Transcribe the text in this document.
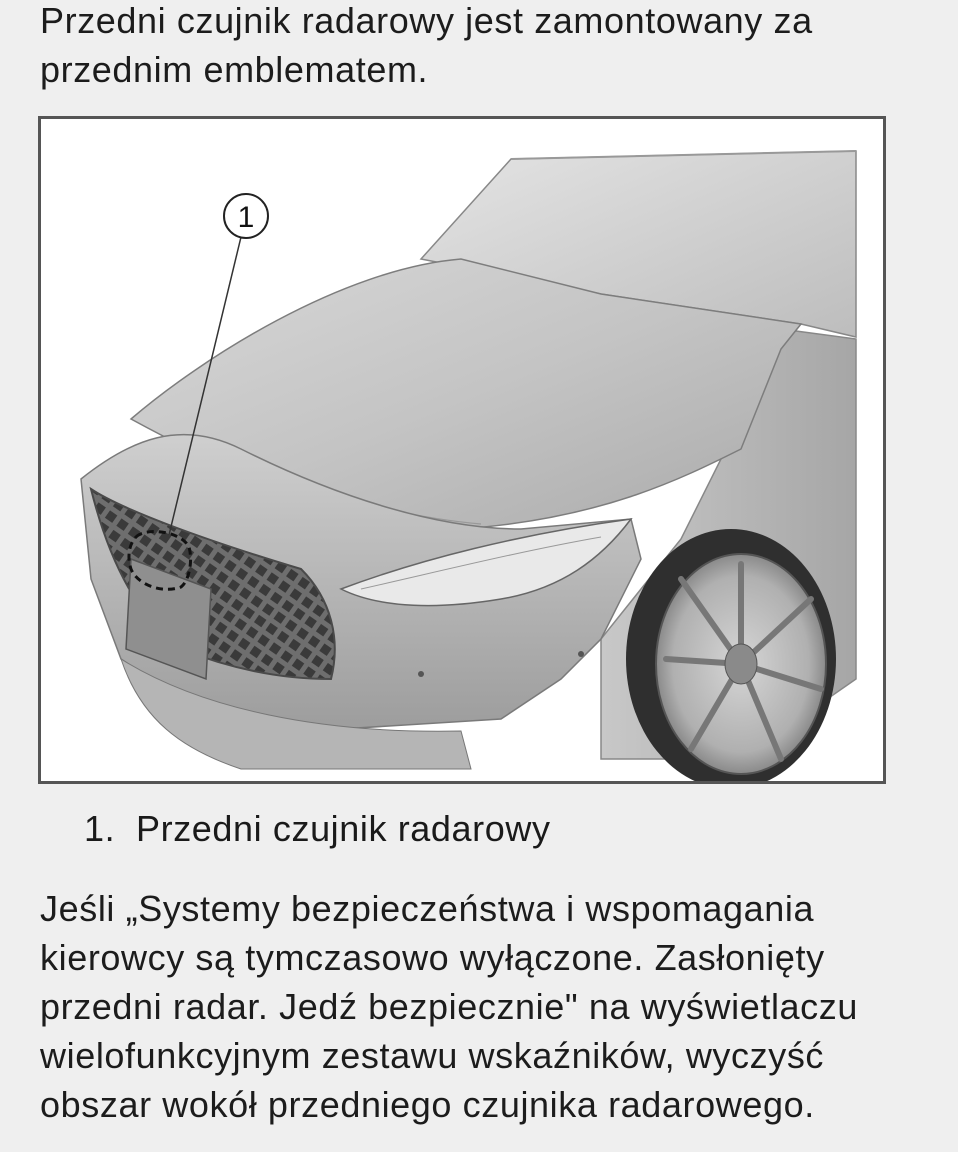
Przedni czujnik radarowy jest zamontowany za przednim emblematem.

1
1. Przedni czujnik radarowy

Jeśli „Systemy bezpieczeństwa i wspomagania kierowcy są tymczasowo wyłączone. Zasłonięty przedni radar. Jedź bezpiecznie" na wyświetlaczu wielofunkcyjnym zestawu wskaźników, wyczyść obszar wokół przedniego czujnika radarowego.
